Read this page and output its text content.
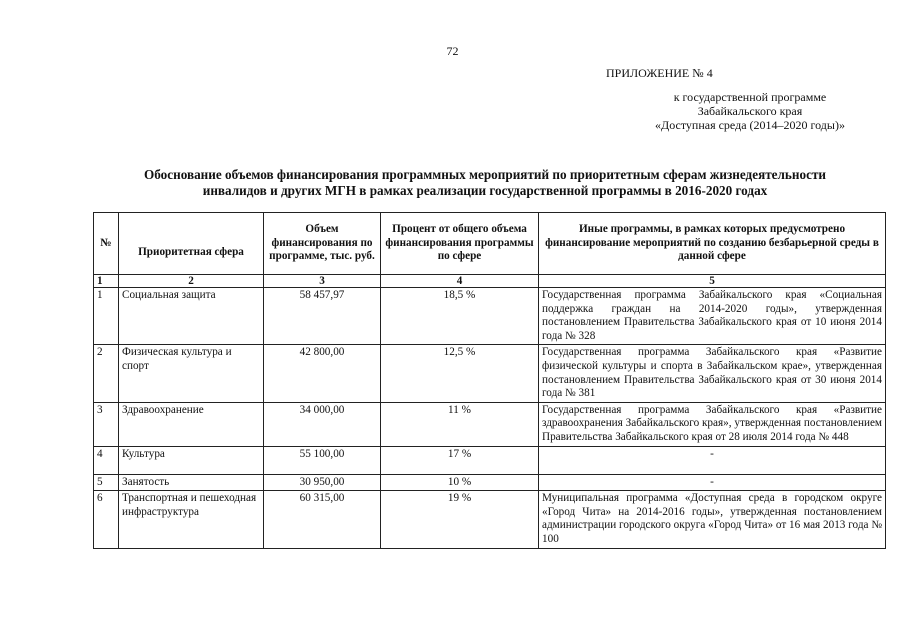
72
ПРИЛОЖЕНИЕ № 4
к государственной программе
Забайкальского края
«Доступная среда (2014–2020 годы)»
Обоснование объемов финансирования программных мероприятий по приоритетным сферам жизнедеятельности
инвалидов и других МГН в рамках реализации государственной программы в 2016-2020 годах
№	Приоритетная сфера	Объем финансирования по программе, тыс. руб.	Процент от общего объема финансирования программы по сфере	Иные программы, в рамках которых предусмотрено финансирование мероприятий по созданию безбарьерной среды в данной сфере
1	2	3	4	5
1	Социальная защита	58 457,97	18,5 %	Государственная программа Забайкальского края «Социальная поддержка граждан на 2014-2020 годы», утвержденная постановлением Правительства Забайкальского края от 10 июня 2014 года № 328
2	Физическая культура и спорт	42 800,00	12,5 %	Государственная программа Забайкальского края «Развитие физической культуры и спорта в Забайкальском крае», утвержденная постановлением Правительства Забайкальского края от 30 июня 2014 года № 381
3	Здравоохранение	34 000,00	11 %	Государственная программа Забайкальского края «Развитие здравоохранения Забайкальского края», утвержденная постановлением Правительства Забайкальского края от 28 июля 2014 года № 448
4	Культура	55 100,00	17 %	-
5	Занятость	30 950,00	10 %	-
6	Транспортная и пешеходная инфраструктура	60 315,00	19 %	Муниципальная программа «Доступная среда в городском округе «Город Чита» на 2014-2016 годы», утвержденная постановлением администрации городского округа «Город Чита» от 16 мая 2013 года № 100
